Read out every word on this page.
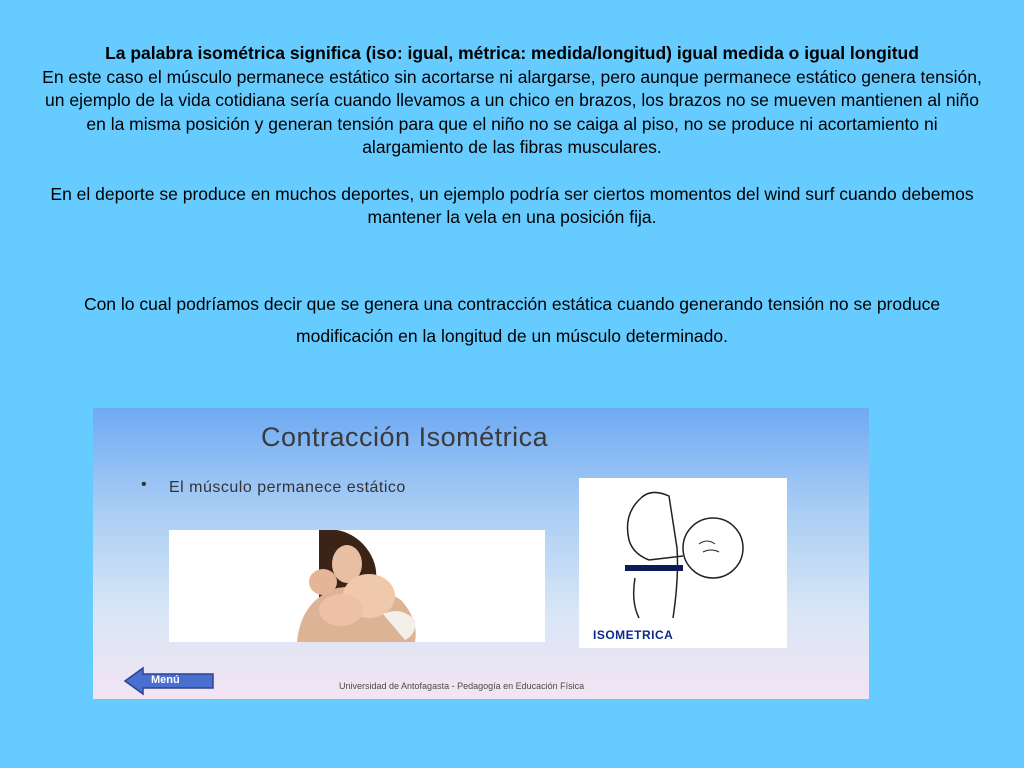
La palabra isométrica significa (iso: igual, métrica: medida/longitud) igual medida o igual longitud

En este caso el músculo permanece estático sin acortarse ni alargarse, pero aunque permanece estático genera tensión, un ejemplo de la vida cotidiana sería cuando llevamos a un chico en brazos, los brazos no se mueven mantienen al niño en la misma posición y generan tensión para que el niño no se caiga al piso, no se produce ni acortamiento ni alargamiento de las fibras musculares.

En el deporte se produce en muchos deportes, un ejemplo podría ser ciertos momentos del wind surf cuando debemos mantener la vela en una posición fija.

Con lo cual podríamos decir que se genera una contracción estática cuando generando tensión no se produce modificación en la longitud de un músculo determinado.

Contracción Isométrica
• El músculo permanece estático
ISOMETRICA
Menú	Universidad de Antofagasta - Pedagogía en Educación Física
